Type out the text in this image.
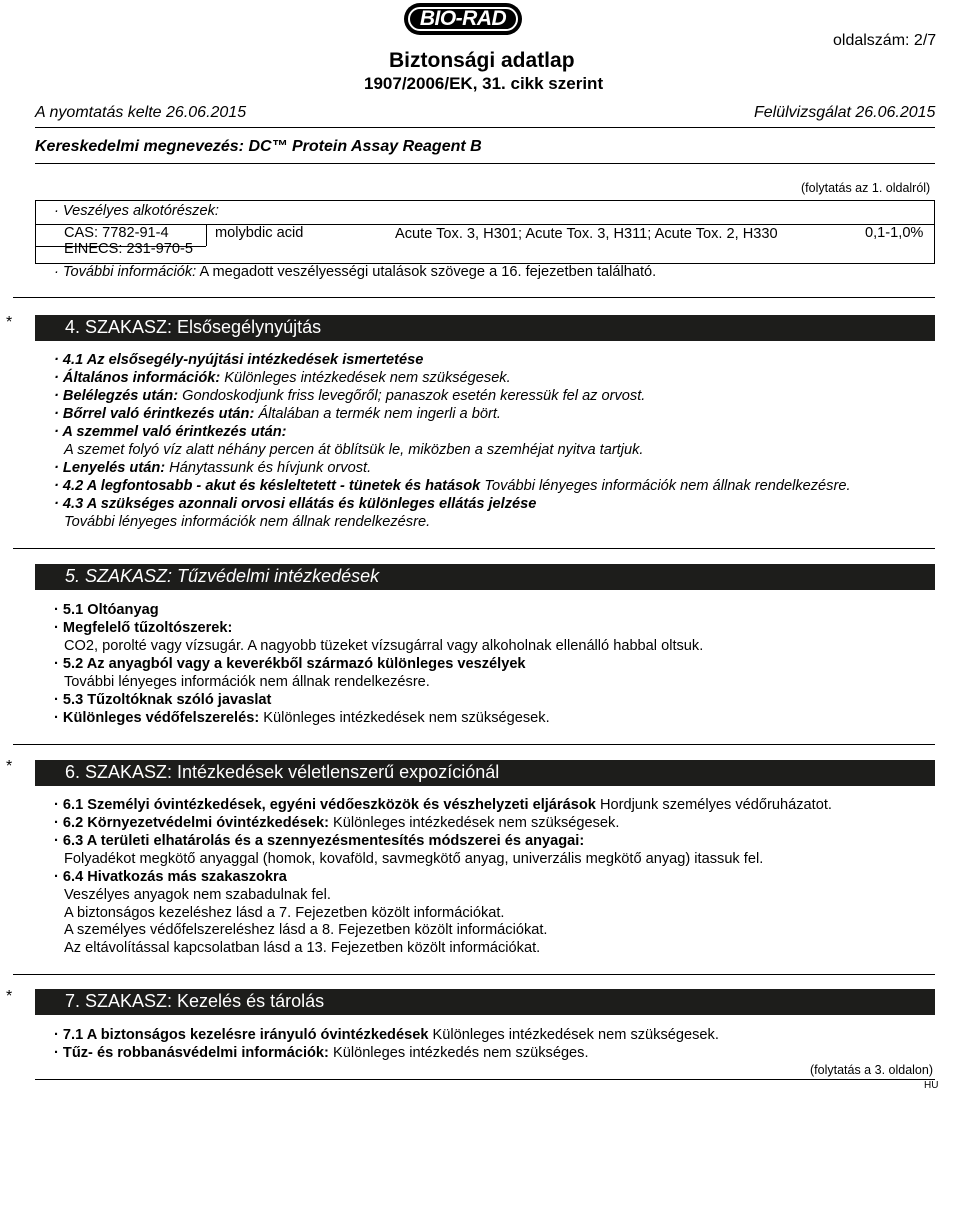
BIO-RAD
Biztonsági adatlap
1907/2006/EK, 31. cikk szerint
oldalszám: 2/7
A nyomtatás kelte 26.06.2015	Felülvizsgálat 26.06.2015
Kereskedelmi megnevezés: DC™ Protein Assay Reagent B
(folytatás az 1. oldalról)
· Veszélyes alkotórészek:
CAS: 7782-91-4
EINECS: 231-970-5
molybdic acid	Acute Tox. 3, H301; Acute Tox. 3, H311; Acute Tox. 2, H330	0,1-1,0%
· További információk: A megadott veszélyességi utalások szövege a 16. fejezetben található.
*	4. SZAKASZ: Elsősegélynyújtás
· 4.1 Az elsősegély-nyújtási intézkedések ismertetése
· Általános információk: Különleges intézkedések nem szükségesek.
· Belélegzés után: Gondoskodjunk friss levegőről; panaszok esetén keressük fel az orvost.
· Bőrrel való érintkezés után: Általában a termék nem ingerli a bört.
· A szemmel való érintkezés után:
A szemet folyó víz alatt néhány percen át öblítsük le, miközben a szemhéjat nyitva tartjuk.
· Lenyelés után: Hánytassunk és hívjunk orvost.
· 4.2 A legfontosabb - akut és késleltetett - tünetek és hatások További lényeges információk nem állnak rendelkezésre.
· 4.3 A szükséges azonnali orvosi ellátás és különleges ellátás jelzése
További lényeges információk nem állnak rendelkezésre.
5. SZAKASZ: Tűzvédelmi intézkedések
· 5.1 Oltóanyag
· Megfelelő tűzoltószerek:
CO2, porolté vagy vízsugár. A nagyobb tüzeket vízsugárral vagy alkoholnak ellenálló habbal oltsuk.
· 5.2 Az anyagból vagy a keverékből származó különleges veszélyek
További lényeges információk nem állnak rendelkezésre.
· 5.3 Tűzoltóknak szóló javaslat
· Különleges védőfelszerelés: Különleges intézkedések nem szükségesek.
*	6. SZAKASZ: Intézkedések véletlenszerű expozíciónál
· 6.1 Személyi óvintézkedések, egyéni védőeszközök és vészhelyzeti eljárások Hordjunk személyes védőruházatot.
· 6.2 Környezetvédelmi óvintézkedések: Különleges intézkedések nem szükségesek.
· 6.3 A területi elhatárolás és a szennyezésmentesítés módszerei és anyagai:
Folyadékot megkötő anyaggal (homok, kovaföld, savmegkötő anyag, univerzális megkötő anyag) itassuk fel.
· 6.4 Hivatkozás más szakaszokra
Veszélyes anyagok nem szabadulnak fel.
A biztonságos kezeléshez lásd a 7. Fejezetben közölt információkat.
A személyes védőfelszereléshez lásd a 8. Fejezetben közölt információkat.
Az eltávolítással kapcsolatban lásd a 13. Fejezetben közölt információkat.
*	7. SZAKASZ: Kezelés és tárolás
· 7.1 A biztonságos kezelésre irányuló óvintézkedések Különleges intézkedések nem szükségesek.
· Tűz- és robbanásvédelmi információk: Különleges intézkedés nem szükséges.
(folytatás a 3. oldalon)
HU
